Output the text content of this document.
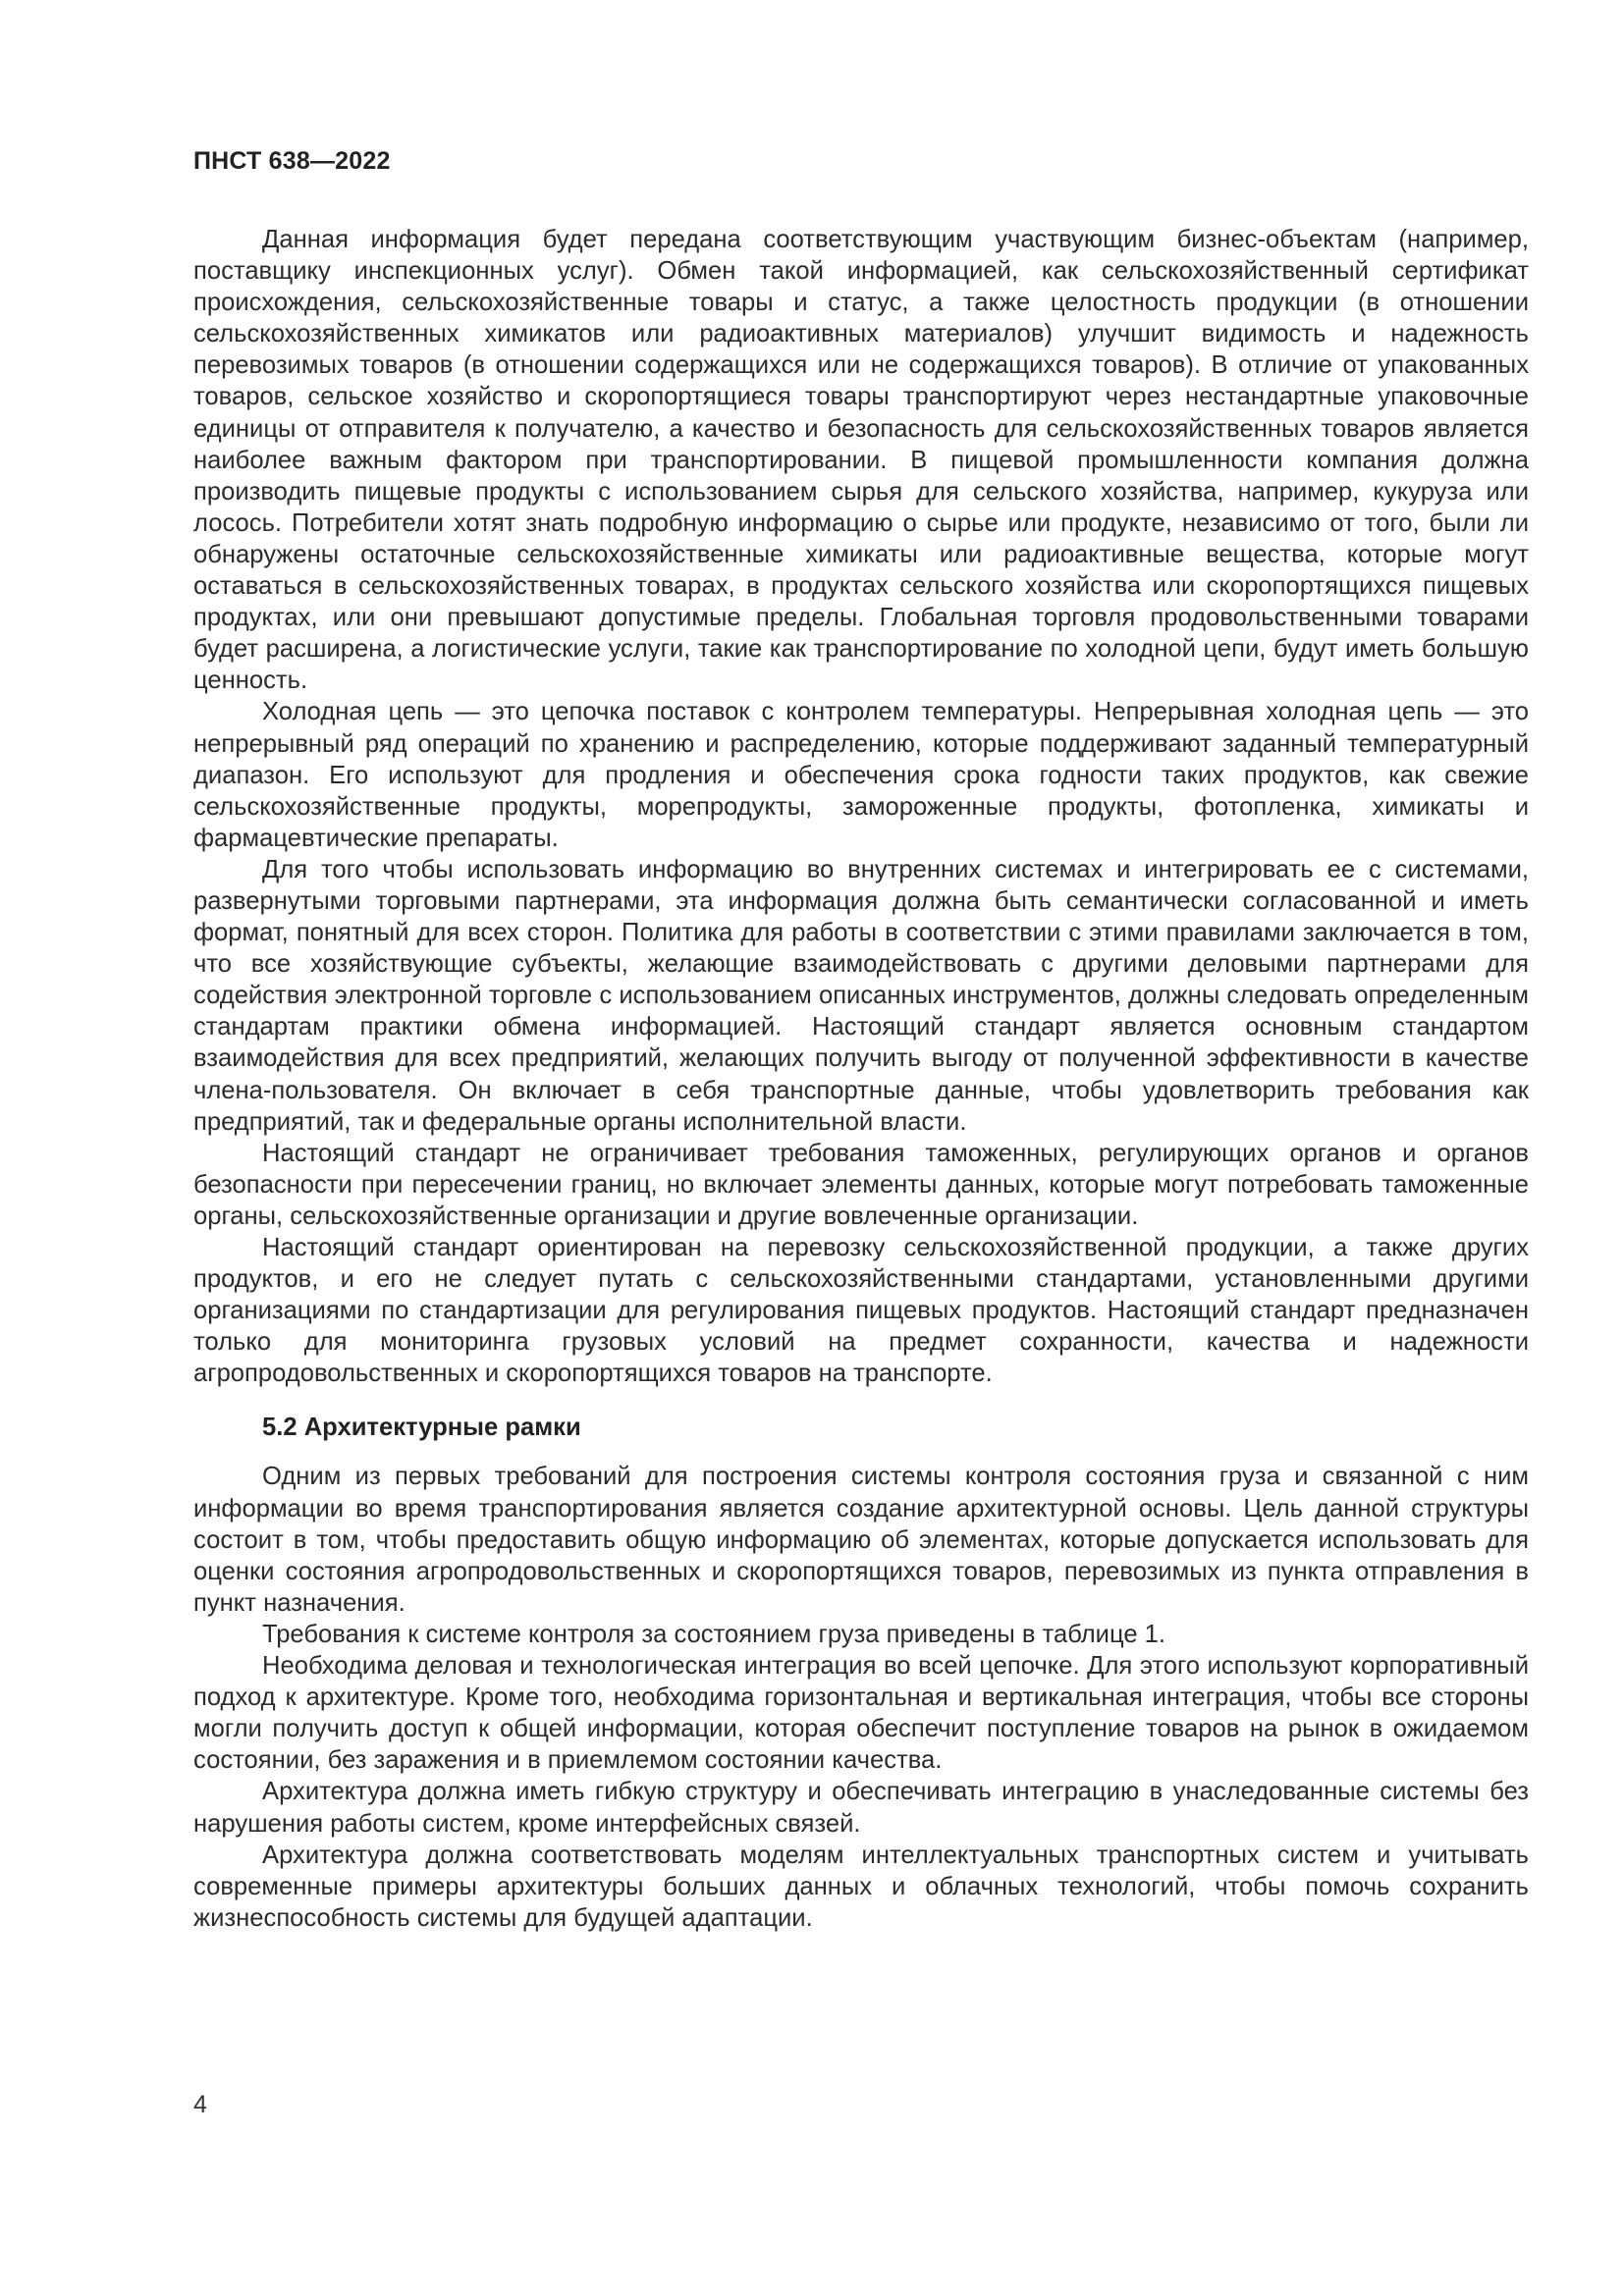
ПНСТ 638—2022

Данная информация будет передана соответствующим участвующим бизнес-объектам (например, поставщику инспекционных услуг). Обмен такой информацией, как сельскохозяйственный сертификат происхождения, сельскохозяйственные товары и статус, а также целостность продукции (в отношении сельскохозяйственных химикатов или радиоактивных материалов) улучшит видимость и надежность перевозимых товаров (в отношении содержащихся или не содержащихся товаров). В отличие от упакованных товаров, сельское хозяйство и скоропортящиеся товары транспортируют через нестандартные упаковочные единицы от отправителя к получателю, а качество и безопасность для сельскохозяйственных товаров является наиболее важным фактором при транспортировании. В пищевой промышленности компания должна производить пищевые продукты с использованием сырья для сельского хозяйства, например, кукуруза или лосось. Потребители хотят знать подробную информацию о сырье или продукте, независимо от того, были ли обнаружены остаточные сельскохозяйственные химикаты или радиоактивные вещества, которые могут оставаться в сельскохозяйственных товарах, в продуктах сельского хозяйства или скоропортящихся пищевых продуктах, или они превышают допустимые пределы. Глобальная торговля продовольственными товарами будет расширена, а логистические услуги, такие как транспортирование по холодной цепи, будут иметь большую ценность.

Холодная цепь — это цепочка поставок с контролем температуры. Непрерывная холодная цепь — это непрерывный ряд операций по хранению и распределению, которые поддерживают заданный температурный диапазон. Его используют для продления и обеспечения срока годности таких продуктов, как свежие сельскохозяйственные продукты, морепродукты, замороженные продукты, фотопленка, химикаты и фармацевтические препараты.

Для того чтобы использовать информацию во внутренних системах и интегрировать ее с системами, развернутыми торговыми партнерами, эта информация должна быть семантически согласованной и иметь формат, понятный для всех сторон. Политика для работы в соответствии с этими правилами заключается в том, что все хозяйствующие субъекты, желающие взаимодействовать с другими деловыми партнерами для содействия электронной торговле с использованием описанных инструментов, должны следовать определенным стандартам практики обмена информацией. Настоящий стандарт является основным стандартом взаимодействия для всех предприятий, желающих получить выгоду от полученной эффективности в качестве члена-пользователя. Он включает в себя транспортные данные, чтобы удовлетворить требования как предприятий, так и федеральные органы исполнительной власти.

Настоящий стандарт не ограничивает требования таможенных, регулирующих органов и органов безопасности при пересечении границ, но включает элементы данных, которые могут потребовать таможенные органы, сельскохозяйственные организации и другие вовлеченные организации.

Настоящий стандарт ориентирован на перевозку сельскохозяйственной продукции, а также других продуктов, и его не следует путать с сельскохозяйственными стандартами, установленными другими организациями по стандартизации для регулирования пищевых продуктов. Настоящий стандарт предназначен только для мониторинга грузовых условий на предмет сохранности, качества и надежности агропродовольственных и скоропортящихся товаров на транспорте.

5.2 Архитектурные рамки

Одним из первых требований для построения системы контроля состояния груза и связанной с ним информации во время транспортирования является создание архитектурной основы. Цель данной структуры состоит в том, чтобы предоставить общую информацию об элементах, которые допускается использовать для оценки состояния агропродовольственных и скоропортящихся товаров, перевозимых из пункта отправления в пункт назначения.

Требования к системе контроля за состоянием груза приведены в таблице 1.

Необходима деловая и технологическая интеграция во всей цепочке. Для этого используют корпоративный подход к архитектуре. Кроме того, необходима горизонтальная и вертикальная интеграция, чтобы все стороны могли получить доступ к общей информации, которая обеспечит поступление товаров на рынок в ожидаемом состоянии, без заражения и в приемлемом состоянии качества.

Архитектура должна иметь гибкую структуру и обеспечивать интеграцию в унаследованные системы без нарушения работы систем, кроме интерфейсных связей.

Архитектура должна соответствовать моделям интеллектуальных транспортных систем и учитывать современные примеры архитектуры больших данных и облачных технологий, чтобы помочь сохранить жизнеспособность системы для будущей адаптации.

4
